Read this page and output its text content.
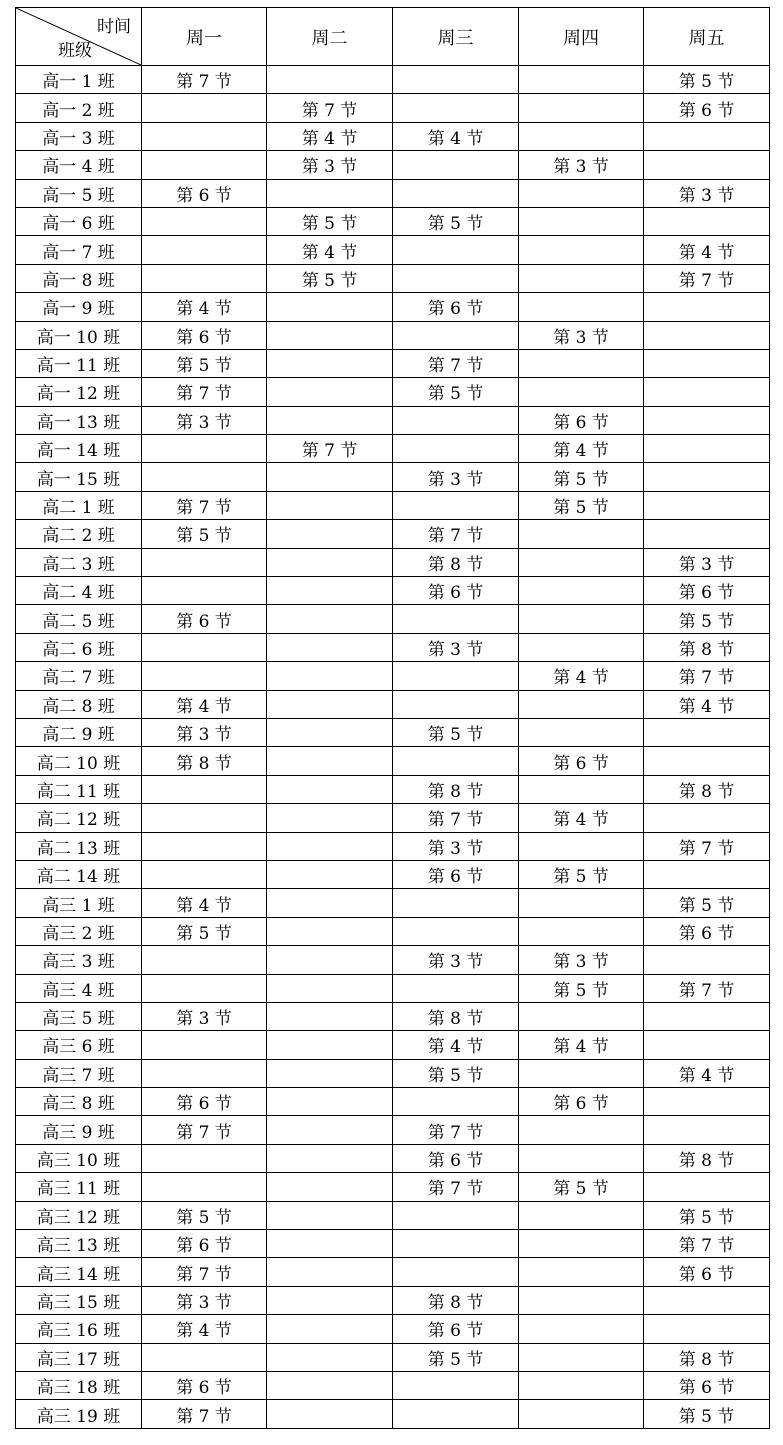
时间
班级	周一	周二	周三	周四	周五
高一 1 班	第 7 节				第 5 节
高一 2 班		第 7 节			第 6 节
高一 3 班		第 4 节	第 4 节		
高一 4 班		第 3 节		第 3 节	
高一 5 班	第 6 节				第 3 节
高一 6 班		第 5 节	第 5 节		
高一 7 班		第 4 节			第 4 节
高一 8 班		第 5 节			第 7 节
高一 9 班	第 4 节		第 6 节		
高一 10 班	第 6 节			第 3 节	
高一 11 班	第 5 节		第 7 节		
高一 12 班	第 7 节		第 5 节		
高一 13 班	第 3 节			第 6 节	
高一 14 班		第 7 节		第 4 节	
高一 15 班			第 3 节	第 5 节	
高二 1 班	第 7 节			第 5 节	
高二 2 班	第 5 节		第 7 节		
高二 3 班			第 8 节		第 3 节
高二 4 班			第 6 节		第 6 节
高二 5 班	第 6 节				第 5 节
高二 6 班			第 3 节		第 8 节
高二 7 班				第 4 节	第 7 节
高二 8 班	第 4 节				第 4 节
高二 9 班	第 3 节		第 5 节		
高二 10 班	第 8 节			第 6 节	
高二 11 班			第 8 节		第 8 节
高二 12 班			第 7 节	第 4 节	
高二 13 班			第 3 节		第 7 节
高二 14 班			第 6 节	第 5 节	
高三 1 班	第 4 节				第 5 节
高三 2 班	第 5 节				第 6 节
高三 3 班			第 3 节	第 3 节	
高三 4 班				第 5 节	第 7 节
高三 5 班	第 3 节		第 8 节		
高三 6 班			第 4 节	第 4 节	
高三 7 班			第 5 节		第 4 节
高三 8 班	第 6 节			第 6 节	
高三 9 班	第 7 节		第 7 节		
高三 10 班			第 6 节		第 8 节
高三 11 班			第 7 节	第 5 节	
高三 12 班	第 5 节				第 5 节
高三 13 班	第 6 节				第 7 节
高三 14 班	第 7 节				第 6 节
高三 15 班	第 3 节		第 8 节		
高三 16 班	第 4 节		第 6 节		
高三 17 班			第 5 节		第 8 节
高三 18 班	第 6 节				第 6 节
高三 19 班	第 7 节				第 5 节
